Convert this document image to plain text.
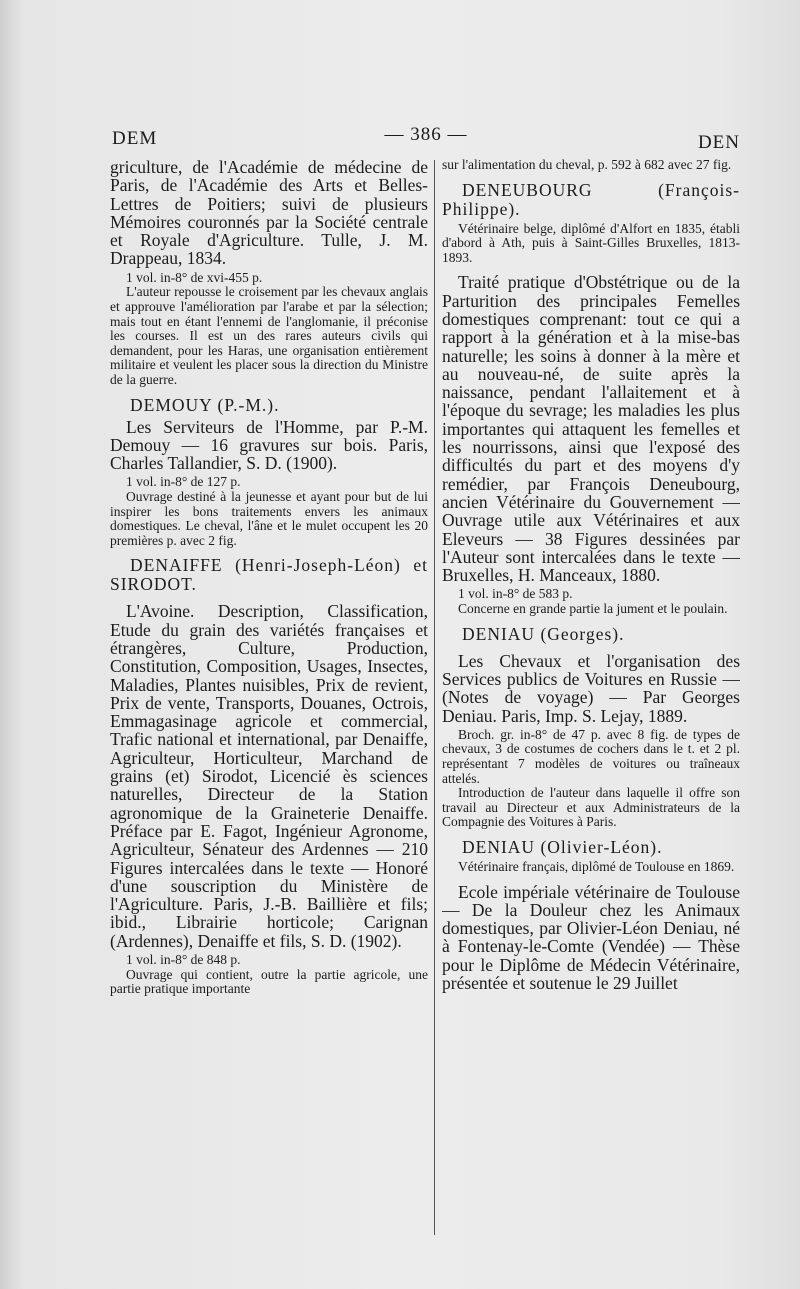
DEM	— 386 —	DEN

griculture, de l'Académie de médecine de Paris, de l'Académie des Arts et Belles-Lettres de Poitiers; suivi de plusieurs Mémoires couronnés par la Société centrale et Royale d'Agriculture. Tulle, J. M. Drappeau, 1834.

1 vol. in-8° de xvi-455 p.

L'auteur repousse le croisement par les chevaux anglais et approuve l'amélioration par l'arabe et par la sélection; mais tout en étant l'ennemi de l'anglomanie, il préconise les courses. Il est un des rares auteurs civils qui demandent, pour les Haras, une organisation entièrement militaire et veulent les placer sous la direction du Ministre de la guerre.

DEMOUY (P.-M.).

Les Serviteurs de l'Homme, par P.-M. Demouy — 16 gravures sur bois. Paris, Charles Tallandier, S. D. (1900).

1 vol. in-8° de 127 p.

Ouvrage destiné à la jeunesse et ayant pour but de lui inspirer les bons traitements envers les animaux domestiques. Le cheval, l'âne et le mulet occupent les 20 premières p. avec 2 fig.

DENAIFFE (Henri-Joseph-Léon) et SIRODOT.

L'Avoine. Description, Classification, Etude du grain des variétés françaises et étrangères, Culture, Production, Constitution, Composition, Usages, Insectes, Maladies, Plantes nuisibles, Prix de revient, Prix de vente, Transports, Douanes, Octrois, Emmagasinage agricole et commercial, Trafic national et international, par Denaiffe, Agriculteur, Horticulteur, Marchand de grains (et) Sirodot, Licencié ès sciences naturelles, Directeur de la Station agronomique de la Graineterie Denaiffe. Préface par E. Fagot, Ingénieur Agronome, Agriculteur, Sénateur des Ardennes — 210 Figures intercalées dans le texte — Honoré d'une souscription du Ministère de l'Agriculture. Paris, J.-B. Baillière et fils; ibid., Librairie horticole; Carignan (Ardennes), Denaiffe et fils, S. D. (1902).

1 vol. in-8° de 848 p.

Ouvrage qui contient, outre la partie agricole, une partie pratique importante

sur l'alimentation du cheval, p. 592 à 682 avec 27 fig.

DENEUBOURG (François-Philippe).

Vétérinaire belge, diplômé d'Alfort en 1835, établi d'abord à Ath, puis à Saint-Gilles Bruxelles, 1813-1893.

Traité pratique d'Obstétrique ou de la Parturition des principales Femelles domestiques comprenant: tout ce qui a rapport à la génération et à la mise-bas naturelle; les soins à donner à la mère et au nouveau-né, de suite après la naissance, pendant l'allaitement et à l'époque du sevrage; les maladies les plus importantes qui attaquent les femelles et les nourrissons, ainsi que l'exposé des difficultés du part et des moyens d'y remédier, par François Deneubourg, ancien Vétérinaire du Gouvernement — Ouvrage utile aux Vétérinaires et aux Eleveurs — 38 Figures dessinées par l'Auteur sont intercalées dans le texte — Bruxelles, H. Manceaux, 1880.

1 vol. in-8° de 583 p.

Concerne en grande partie la jument et le poulain.

DENIAU (Georges).

Les Chevaux et l'organisation des Services publics de Voitures en Russie — (Notes de voyage) — Par Georges Deniau. Paris, Imp. S. Lejay, 1889.

Broch. gr. in-8° de 47 p. avec 8 fig. de types de chevaux, 3 de costumes de cochers dans le t. et 2 pl. représentant 7 modèles de voitures ou traîneaux attelés.

Introduction de l'auteur dans laquelle il offre son travail au Directeur et aux Administrateurs de la Compagnie des Voitures à Paris.

DENIAU (Olivier-Léon).

Vétérinaire français, diplômé de Toulouse en 1869.

Ecole impériale vétérinaire de Toulouse — De la Douleur chez les Animaux domestiques, par Olivier-Léon Deniau, né à Fontenay-le-Comte (Vendée) — Thèse pour le Diplôme de Médecin Vétérinaire, présentée et soutenue le 29 Juillet
